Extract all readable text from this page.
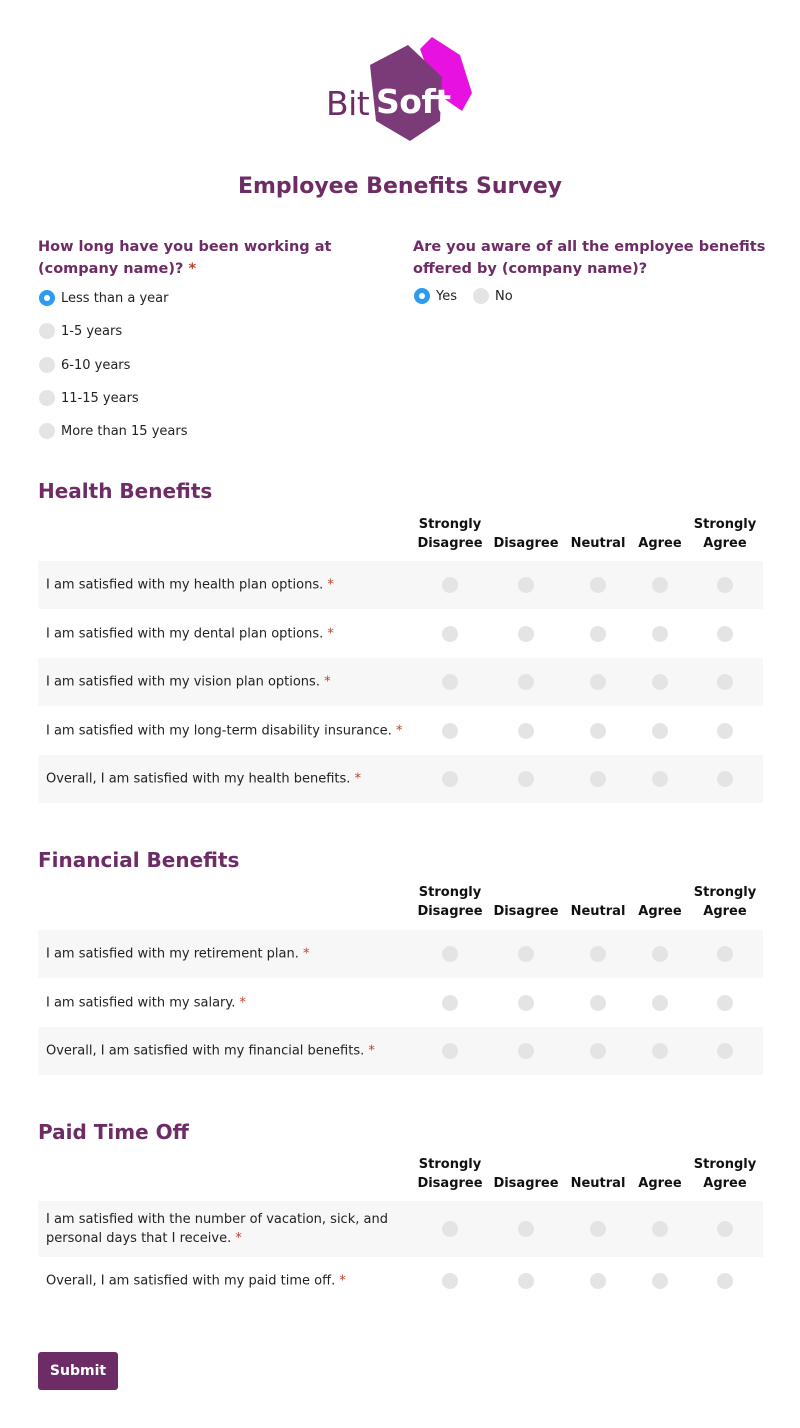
Bit Soft
Employee Benefits Survey
How long have you been working at (company name)? *
Less than a year
1-5 years
6-10 years
11-15 years
More than 15 years
Are you aware of all the employee benefits offered by (company name)?
Yes	No
Health Benefits
Strongly
Disagree
Disagree
Neutral
Agree
Strongly
Agree
I am satisfied with my health plan options. *
I am satisfied with my dental plan options. *
I am satisfied with my vision plan options. *
I am satisfied with my long-term disability insurance. *
Overall, I am satisfied with my health benefits. *
Financial Benefits
Strongly
Disagree
Disagree
Neutral
Agree
Strongly
Agree
I am satisfied with my retirement plan. *
I am satisfied with my salary. *
Overall, I am satisfied with my financial benefits. *
Paid Time Off
Strongly
Disagree
Disagree
Neutral
Agree
Strongly
Agree
I am satisfied with the number of vacation, sick, and personal days that I receive. *
Overall, I am satisfied with my paid time off. *
Submit
